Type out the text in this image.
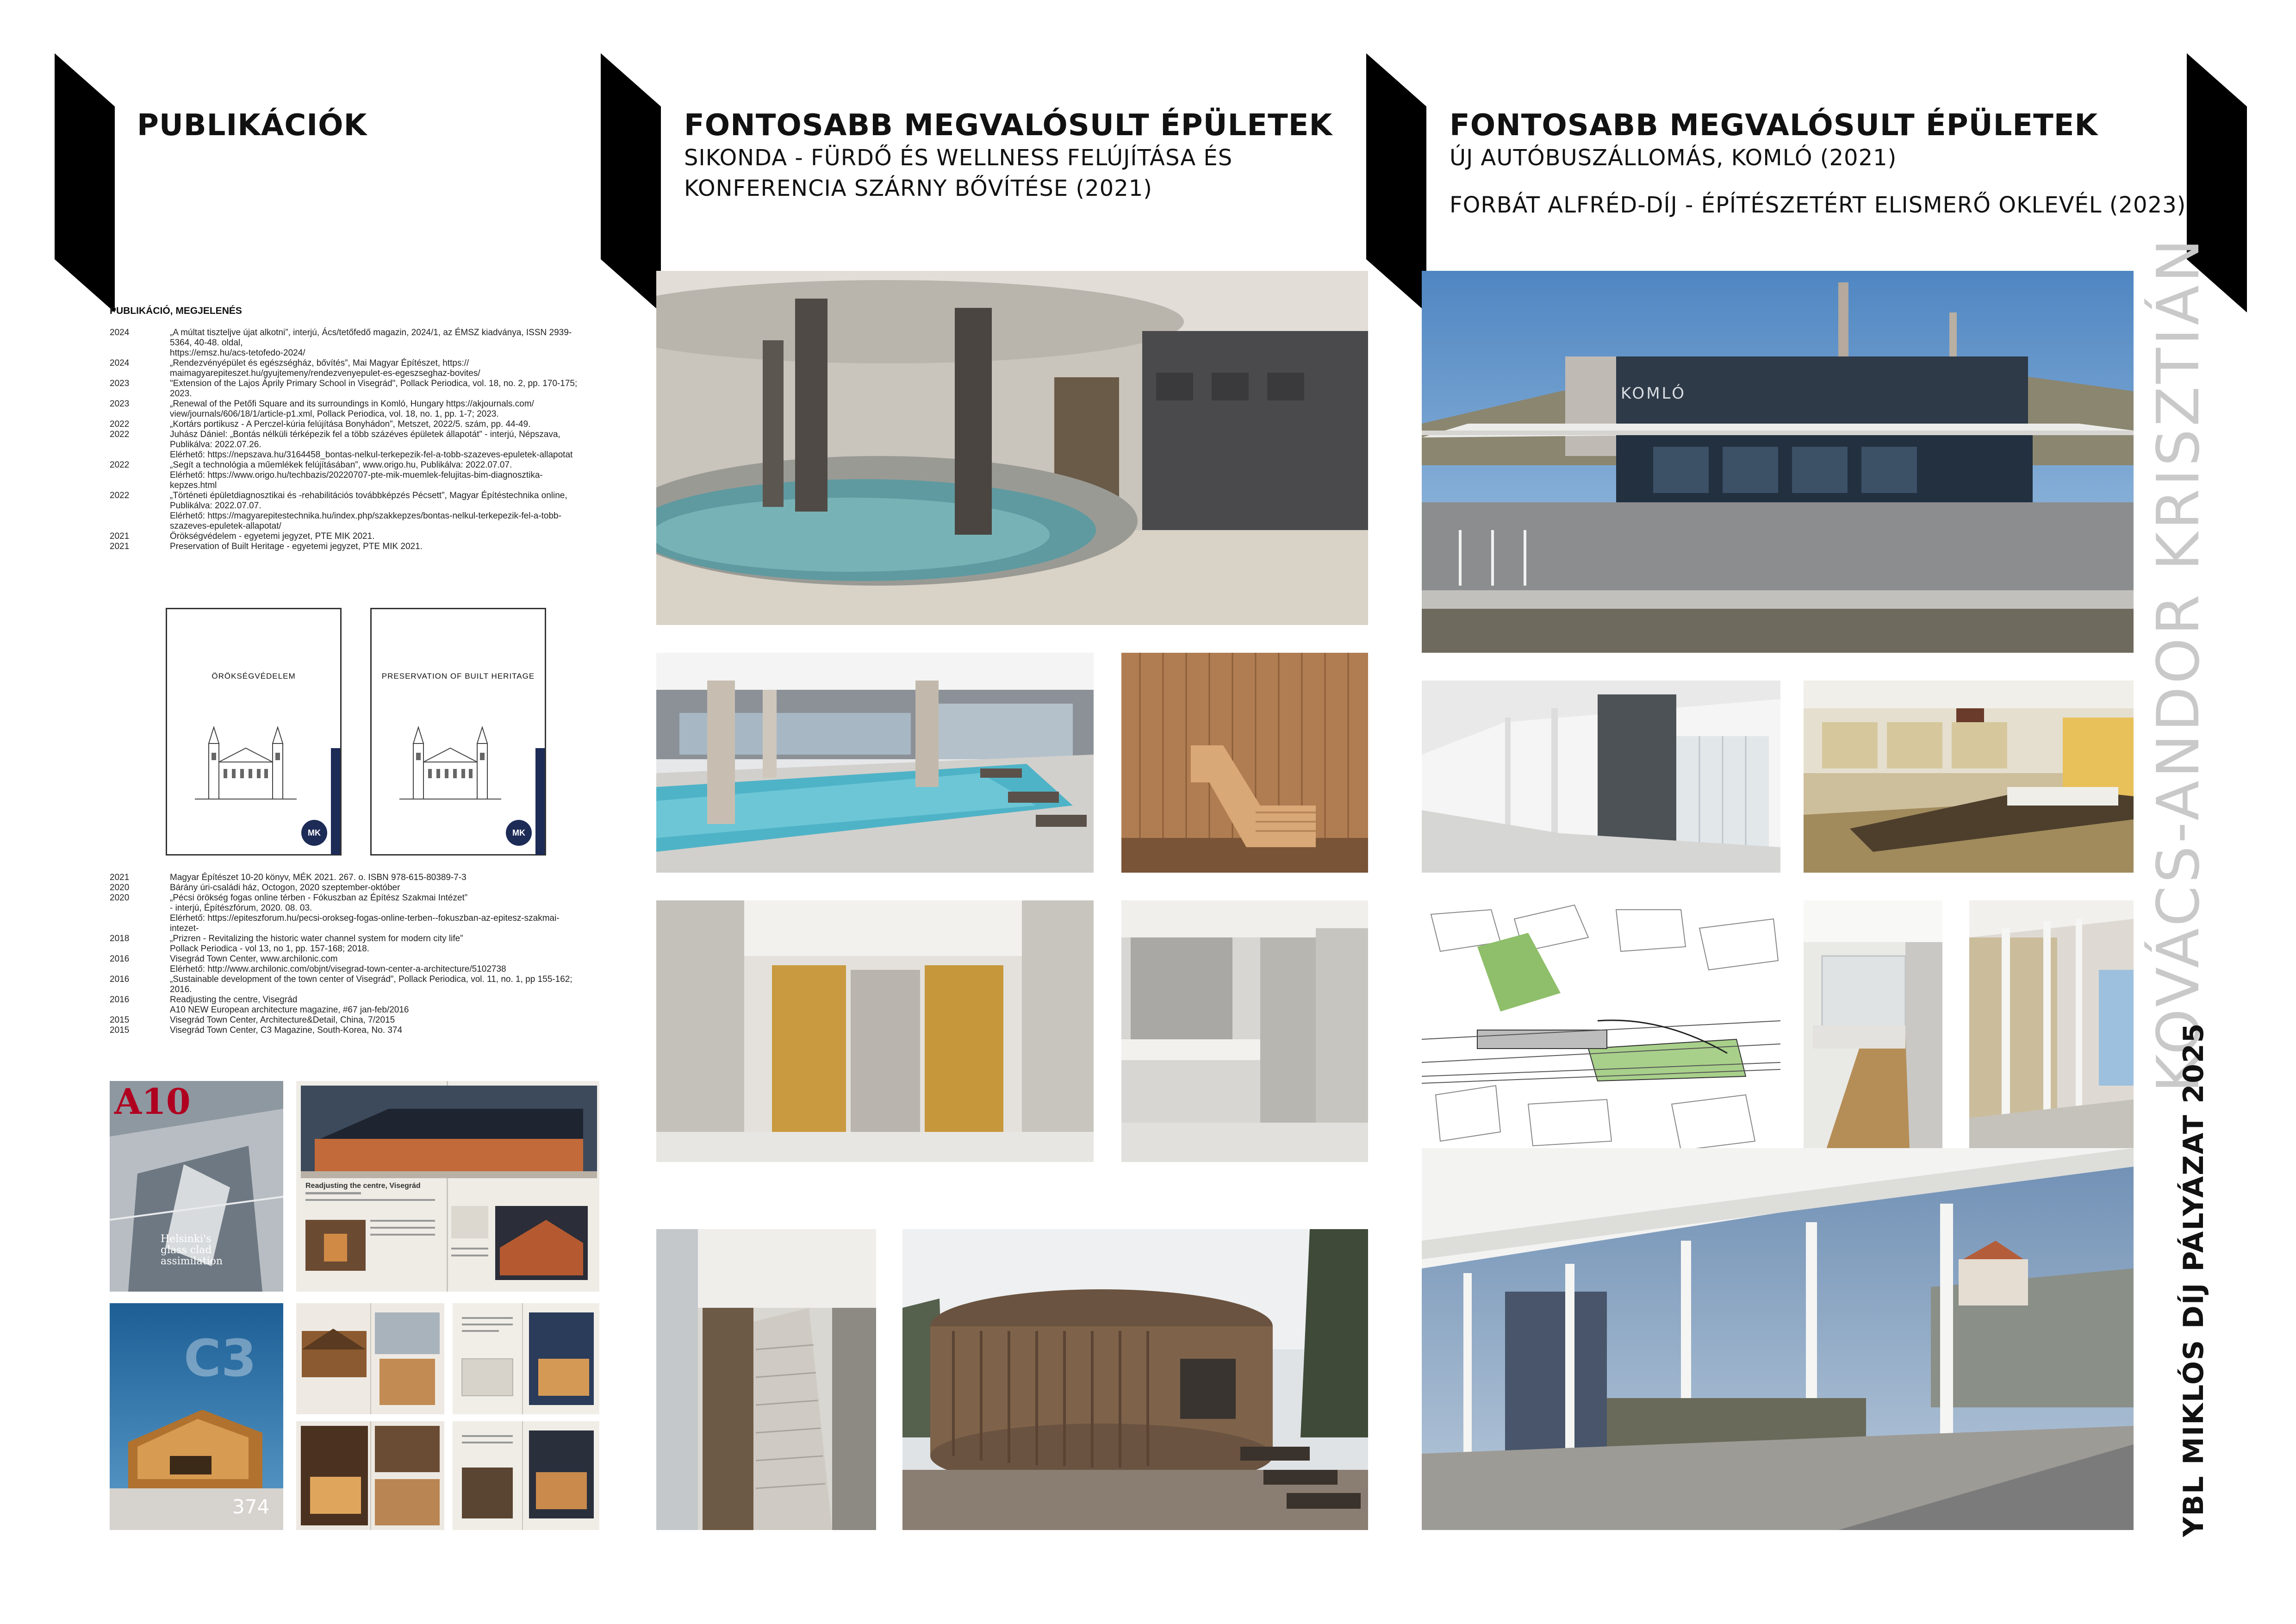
PUBLIKÁCIÓK	FONTOSABB MEGVALÓSULT ÉPÜLETEK
SIKONDA - FÜRDŐ ÉS WELLNESS FELÚJÍTÁSA ÉS
KONFERENCIA SZÁRNY BŐVÍTÉSE (2021)
FONTOSABB MEGVALÓSULT ÉPÜLETEK
ÚJ AUTÓBUSZÁLLOMÁS, KOMLÓ (2021)
FORBÁT ALFRÉD-DÍJ - ÉPÍTÉSZETÉRT ELISMERŐ OKLEVÉL (2023)
PUBLIKÁCIÓ, MEGJELENÉS
2024	„A múltat tiszteljve újat alkotni”, interjú, Ács/tetőfedő magazin, 2024/1, az ÉMSZ kiadványa, ISSN 2939-5364, 40-48. oldal,
https://emsz.hu/acs-tetofedo-2024/
2024	„Rendezvényépület és egészségház, bővítés”, Mai Magyar Építészet, https://
maimagyarepiteszet.hu/gyujtemeny/rendezvenyepulet-es-egeszseghaz-bovites/
2023	"Extension of the Lajos Áprily Primary School in Visegrád", Pollack Periodica, vol. 18, no. 2, pp. 170-175; 2023.
2023	„Renewal of the Petőfi Square and its surroundings in Komló, Hungary https://akjournals.com/
view/journals/606/18/1/article-p1.xml, Pollack Periodica, vol. 18, no. 1, pp. 1-7; 2023.
2022	„Kortárs portikusz - A Perczel-kúria felújítása Bonyhádon”, Metszet, 2022/5. szám, pp. 44-49.
2022	Juhász Dániel: „Bontás nélküli térképezik fel a több százéves épületek állapotát” - interjú, Népszava, Publikálva: 2022.07.26.
Elérhető: https://nepszava.hu/3164458_bontas-nelkul-terkepezik-fel-a-tobb-szazeves-epuletek-allapotat
2022	„Segít a technológia a műemlékek felújításában”, www.origo.hu, Publikálva: 2022.07.07.
Elérhető: https://www.origo.hu/techbazis/20220707-pte-mik-muemlek-felujitas-bim-diagnosztika-kepzes.html
2022	„Történeti épületdiagnosztikai és -rehabilitációs továbbképzés Pécsett”, Magyar Építéstechnika online, Publikálva: 2022.07.07.
Elérhető: https://magyarepitestechnika.hu/index.php/szakkepzes/bontas-nelkul-terkepezik-fel-a-tobb-szazeves-epuletek-allapotat/
2021	Örökségvédelem - egyetemi jegyzet, PTE MIK 2021.
2021	Preservation of Built Heritage - egyetemi jegyzet, PTE MIK 2021.
ÖRÖKSÉGVÉDELEM
MK
PRESERVATION OF BUILT HERITAGE
MK
2021	Magyar Építészet 10-20 könyv, MÉK 2021. 267. o. ISBN 978-615-80389-7-3
2020	Bárány úri-családi ház, Octogon, 2020 szeptember-október
2020	„Pécsi örökség fogas online térben - Fókuszban az Építész Szakmai Intézet”
- interjú, Építészfórum, 2020. 08. 03.
Elérhető: https://epiteszforum.hu/pecsi-orokseg-fogas-online-terben--fokuszban-az-epitesz-szakmai-intezet-
2018	„Prizren - Revitalizing the historic water channel system for modern city life”
Pollack Periodica - vol 13, no 1, pp. 157-168; 2018.
2016	Visegrád Town Center, www.archilonic.com
Elérhető: http://www.archilonic.com/objnt/visegrad-town-center-a-architecture/5102738
2016	„Sustainable development of the town center of Visegrád”, Pollack Periodica, vol. 11, no. 1, pp 155-162; 2016.
2016	Readjusting the centre, Visegrád
A10 NEW European architecture magazine, #67 jan-feb/2016
2015	Visegrád Town Center, Architecture&Detail, China, 7/2015
2015	Visegrád Town Center, C3 Magazine, South-Korea, No. 374
A10
Helsinki's glass clad assimilation
Readjusting the centre, Visegrád
C3
374
KOMLÓ	KOVÁCS-ANDOR KRISZTIÁN
YBL MIKLÓS DÍJ PÁLYÁZAT 2025
